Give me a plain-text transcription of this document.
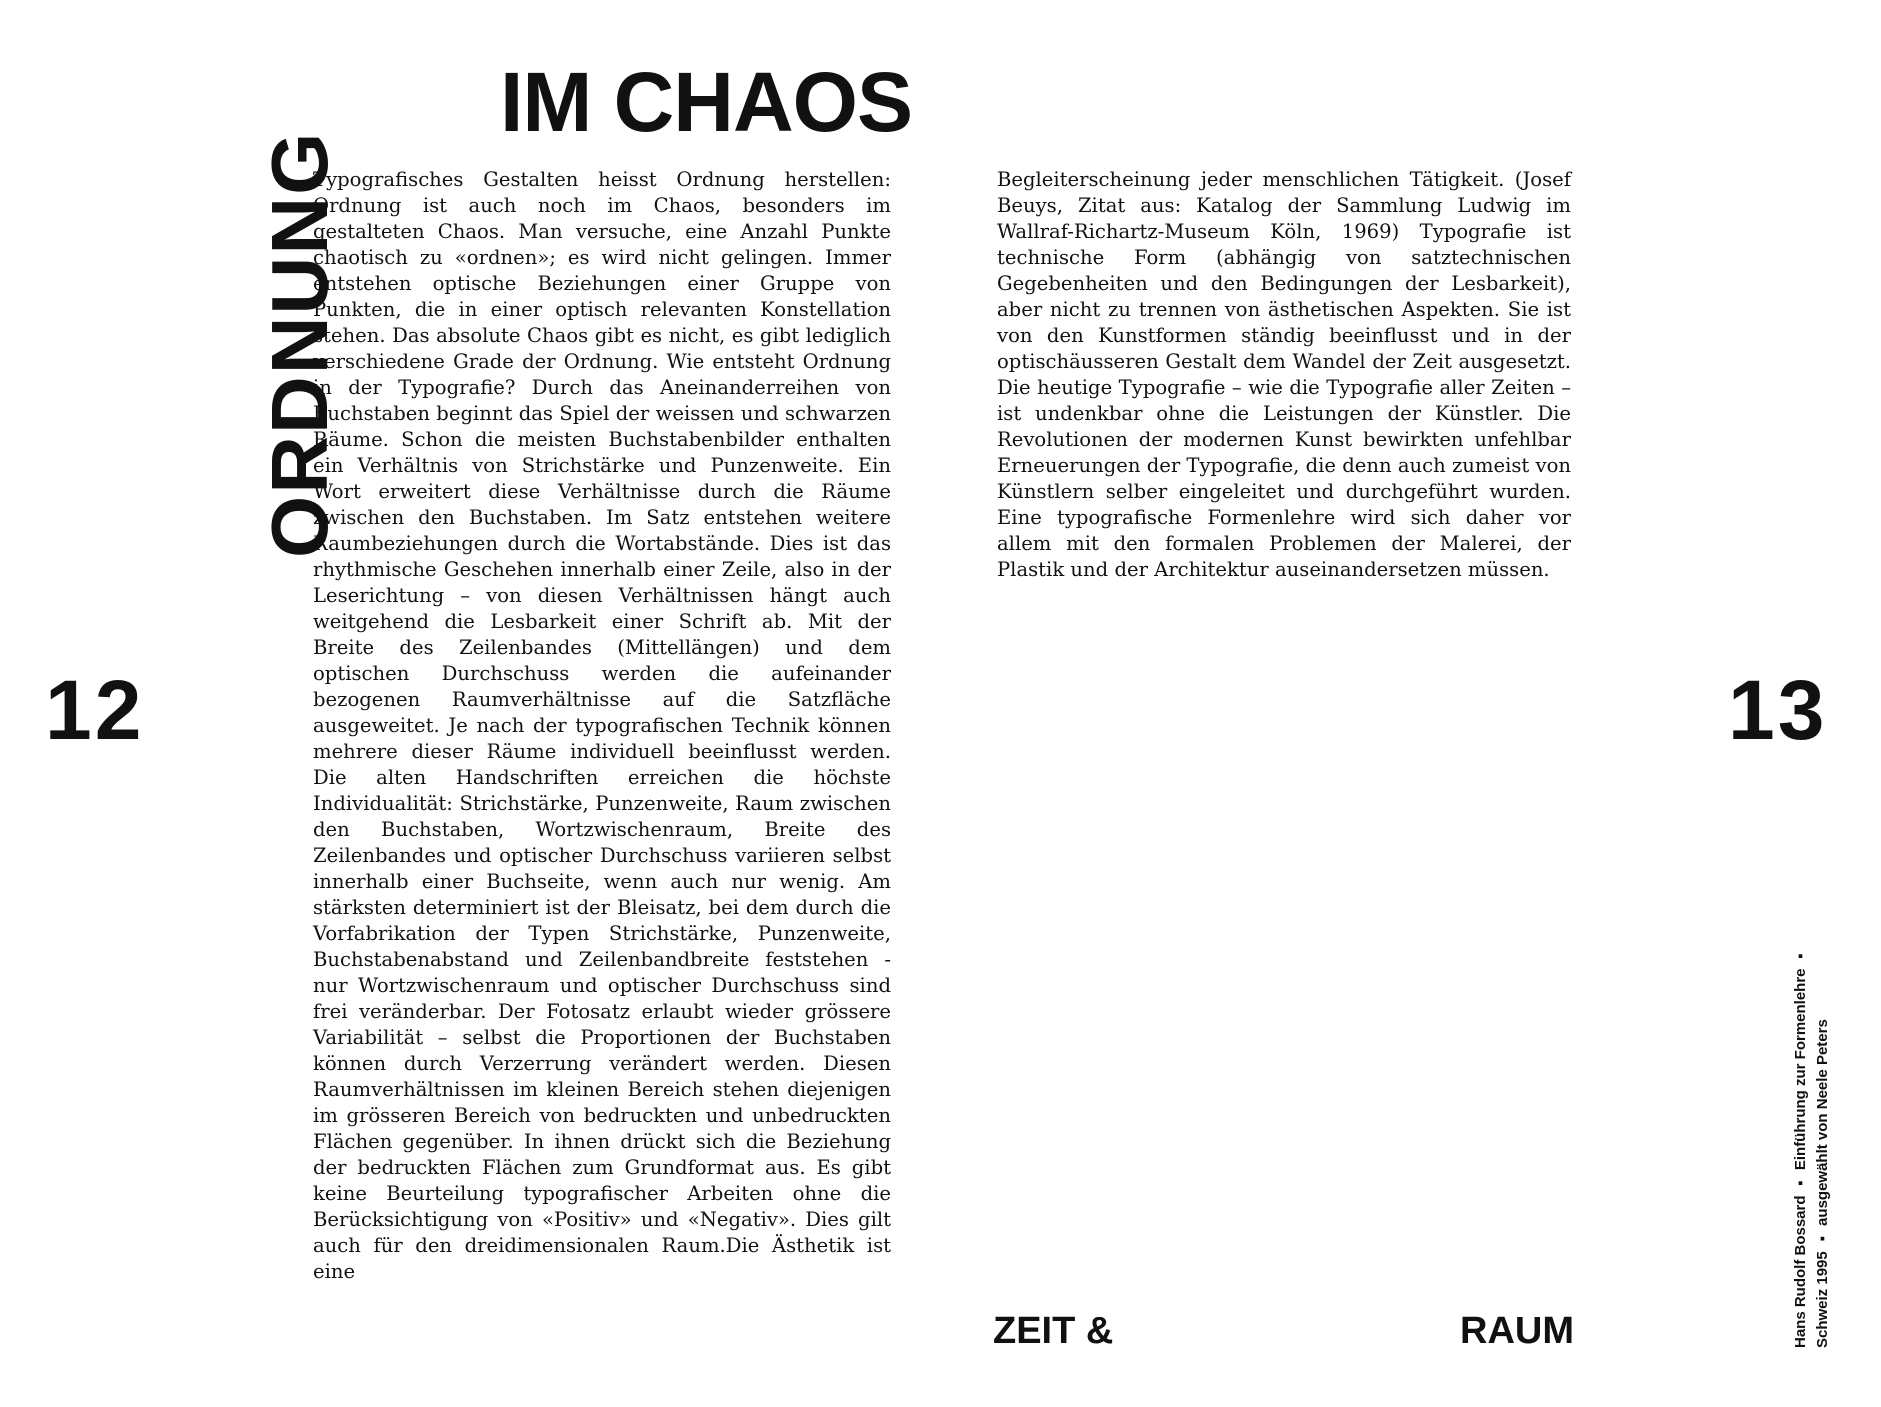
IM CHAOS
ORDNUNG
12	13

Typografisches Gestalten heisst Ordnung herstellen: Ordnung ist auch noch im Chaos, besonders im gestalteten Chaos. Man versuche, eine Anzahl Punkte chaotisch zu «ordnen»; es wird nicht gelingen. Immer entstehen optische Beziehungen einer Gruppe von Punkten, die in einer optisch relevanten Konstellation stehen. Das absolute Chaos gibt es nicht, es gibt lediglich verschiedene Grade der Ordnung. Wie entsteht Ordnung in der Typografie? Durch das Aneinanderreihen von Buchstaben beginnt das Spiel der weissen und schwarzen Räume. Schon die meisten Buchstabenbilder enthalten ein Verhältnis von Strichstärke und Punzenweite. Ein Wort erweitert diese Verhältnisse durch die Räume zwischen den Buchstaben. Im Satz entstehen weitere Raumbeziehungen durch die Wortabstände. Dies ist das rhythmische Geschehen innerhalb einer Zeile, also in der Leserichtung – von diesen Verhältnissen hängt auch weitgehend die Lesbarkeit einer Schrift ab. Mit der Breite des Zeilenbandes (Mittellängen) und dem optischen Durchschuss werden die aufeinander bezogenen Raumverhältnisse auf die Satzfläche ausgeweitet. Je nach der typografischen Technik können mehrere dieser Räume individuell beeinflusst werden. Die alten Handschriften erreichen die höchste Individualität: Strichstärke, Punzenweite, Raum zwischen den Buchstaben, Wortzwischenraum, Breite des Zeilenbandes und optischer Durchschuss variieren selbst innerhalb einer Buchseite, wenn auch nur wenig. Am stärksten determiniert ist der Bleisatz, bei dem durch die Vorfabrikation der Typen Strichstärke, Punzenweite, Buchstabenabstand und Zeilenbandbreite feststehen - nur Wortzwischenraum und optischer Durchschuss sind frei veränderbar. Der Fotosatz erlaubt wieder grössere Variabilität – selbst die Proportionen der Buchstaben können durch Verzerrung verändert werden. Diesen Raumverhältnissen im kleinen Bereich stehen diejenigen im grösseren Bereich von bedruckten und unbedruckten Flächen gegenüber. In ihnen drückt sich die Beziehung der bedruckten Flächen zum Grundformat aus. Es gibt keine Beurteilung typografischer Arbeiten ohne die Berücksichtigung von «Positiv» und «Negativ». Dies gilt auch für den dreidimensionalen Raum.Die Ästhetik ist eine

Begleiterscheinung jeder menschlichen Tätigkeit. (Josef Beuys, Zitat aus: Katalog der Sammlung Ludwig im Wallraf-Richartz-Museum Köln, 1969) Typografie ist technische Form (abhängig von satztechnischen Gegebenheiten und den Bedingungen der Lesbarkeit), aber nicht zu trennen von ästhetischen Aspekten. Sie ist von den Kunstformen ständig beeinflusst und in der optischäusseren Gestalt dem Wandel der Zeit ausgesetzt. Die heutige Typografie – wie die Typografie aller Zeiten – ist undenkbar ohne die Leistungen der Künstler. Die Revolutionen der modernen Kunst bewirkten unfehlbar Erneuerungen der Typografie, die denn auch zumeist von Künstlern selber eingeleitet und durchgeführt wurden. Eine typografische Formenlehre wird sich daher vor allem mit den formalen Problemen der Malerei, der Plastik und der Architektur auseinandersetzen müssen.

ZEIT &	RAUM	Hans Rudolf Bossard ▪ Einführung zur Formenlehre ▪ Schweiz 1995 ▪ ausgewählt von Neele Peters
